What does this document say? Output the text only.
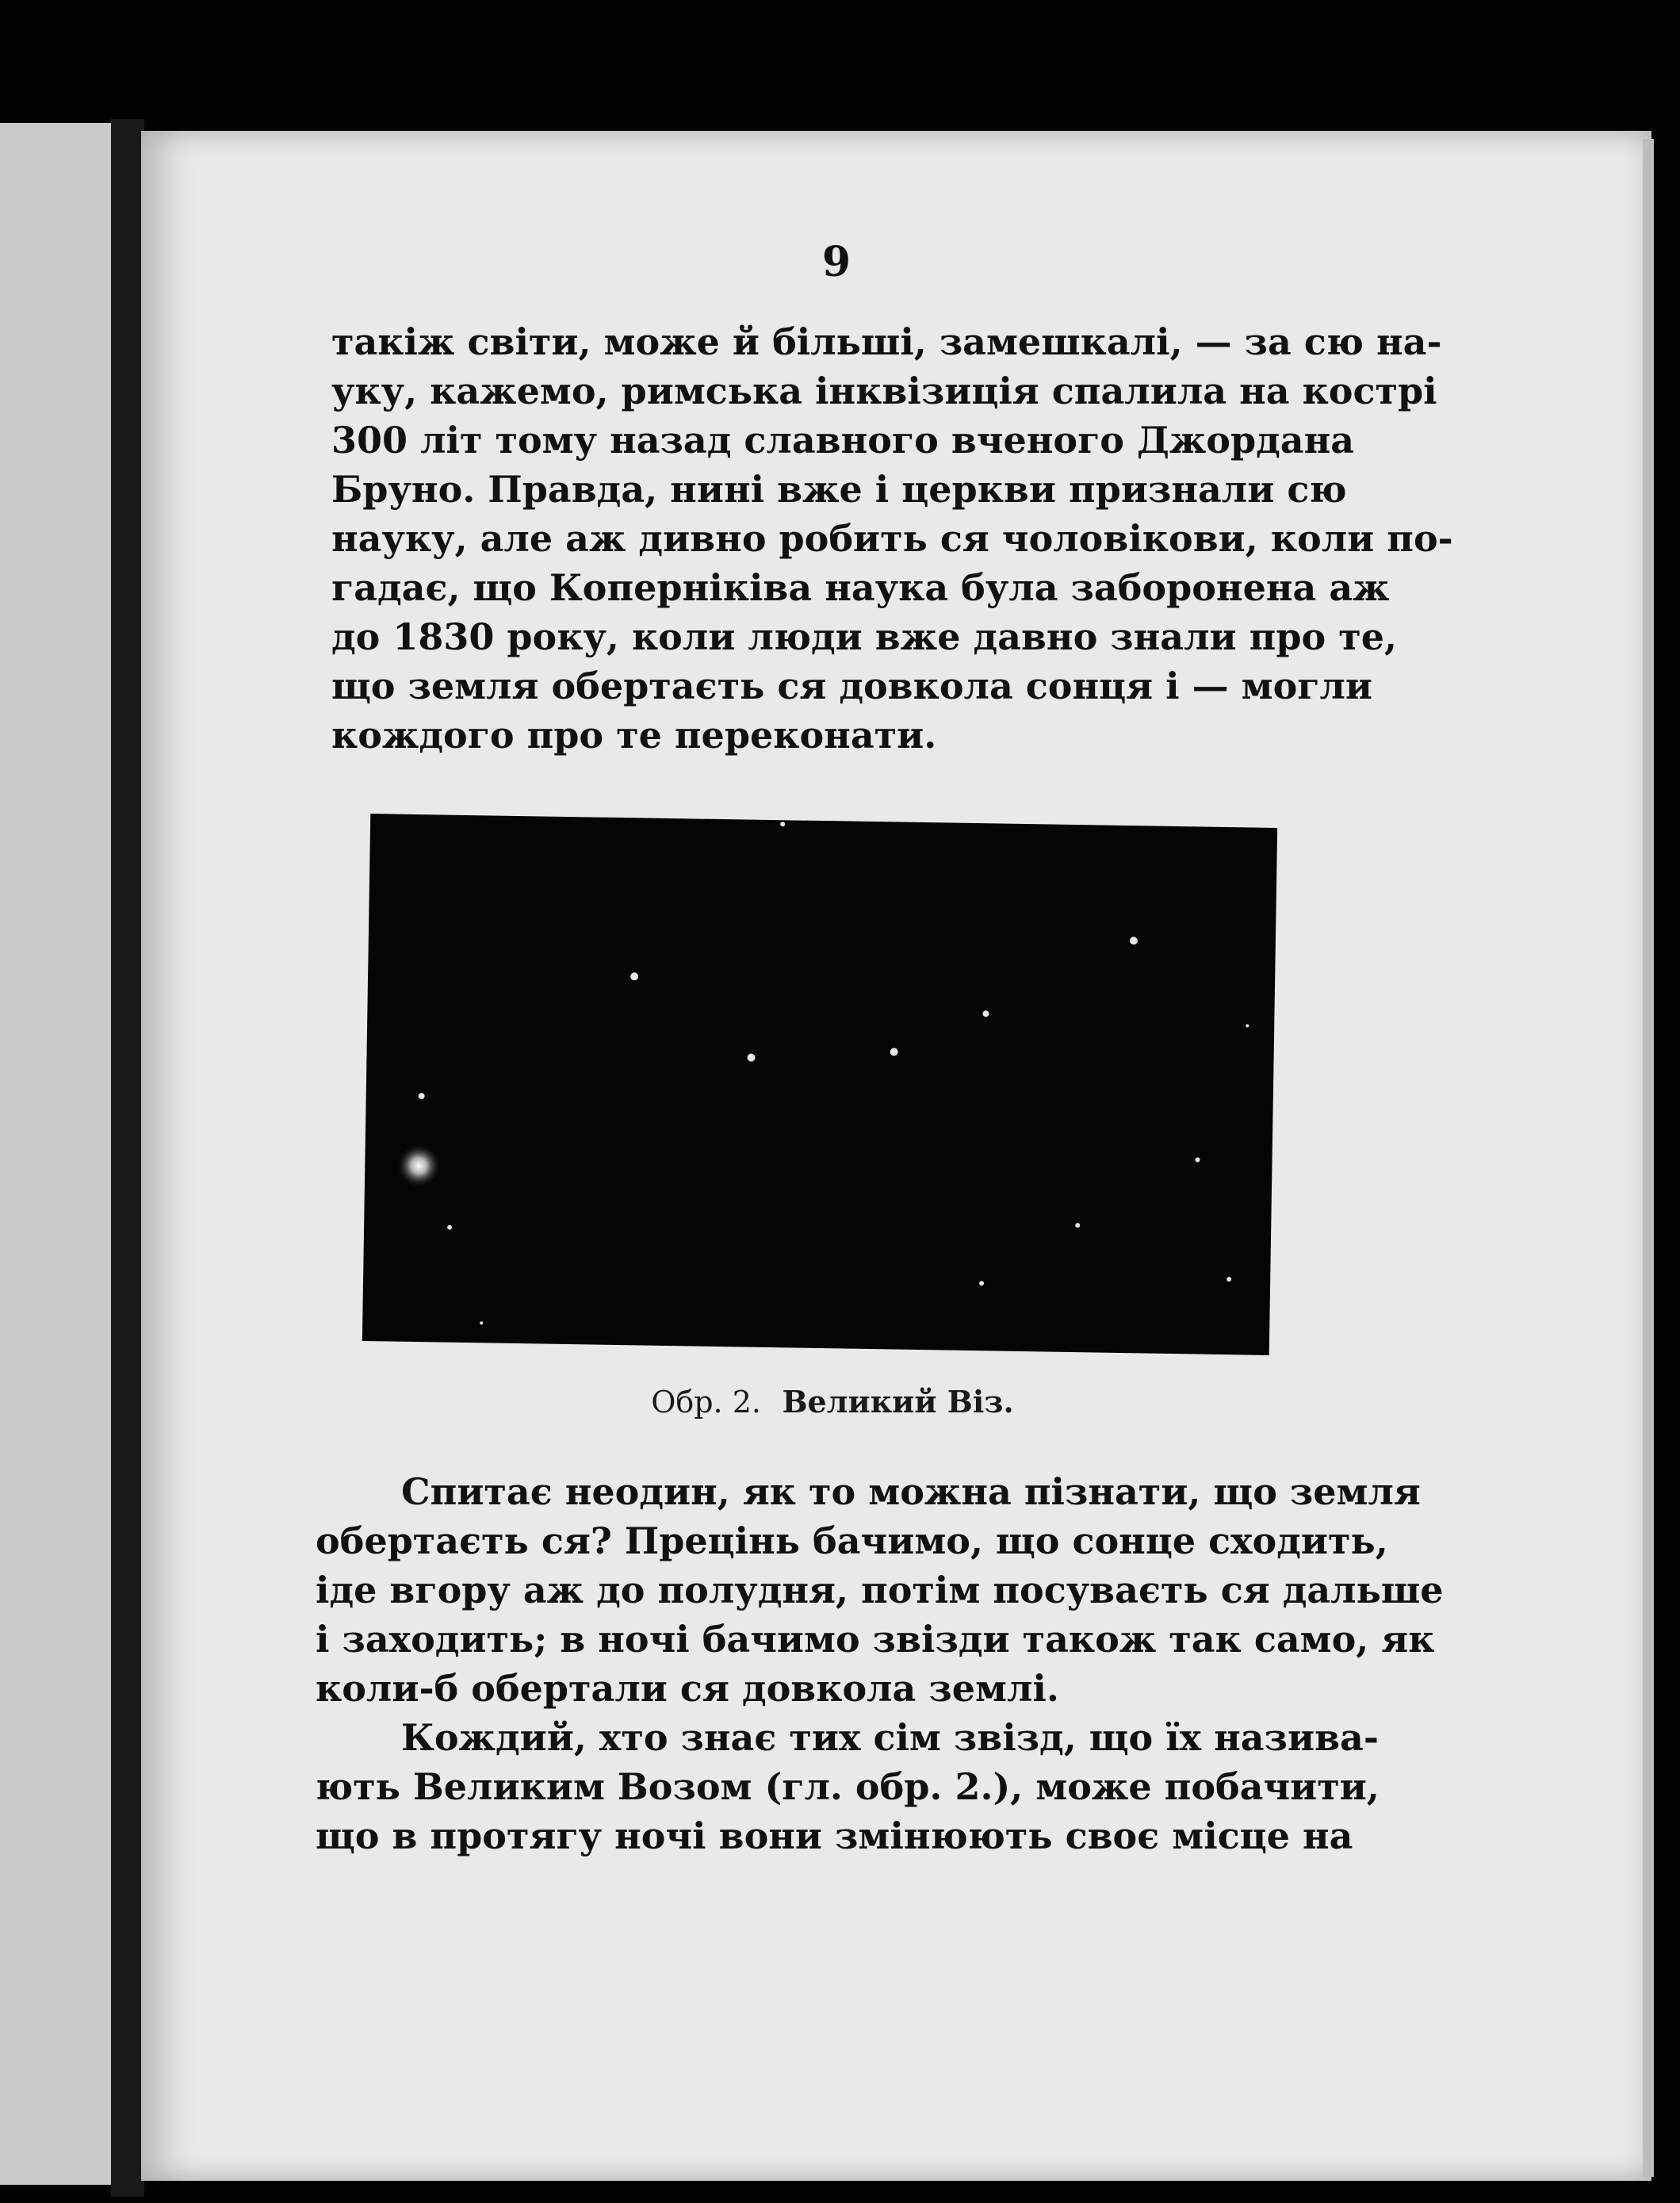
9
такіж світи, може й більші, замешкалі, — за сю на-
уку, кажемо, римська інквізиція спалила на кострі
300 літ тому назад славного вченого Джордана
Бруно. Правда, нині вже і церкви признали сю
науку, але аж дивно робить ся чоловікови, коли по-
гадає, що Коперніківа наука була заборонена аж
до 1830 року, коли люди вже давно знали про те,
що земля обертаєть ся довкола сонця і — могли
кождого про те переконати.
Обр. 2. Великий Віз.
Спитає неодин, як то можна пізнати, що земля
обертаєть ся? Прецінь бачимо, що сонце сходить,
іде вгору аж до полудня, потім посуваєть ся дальше
і заходить; в ночі бачимо звізди також так само, як
коли-б обертали ся довкола землі.
Кождий, хто знає тих сім звізд, що їх назива-
ють Великим Возом (гл. обр. 2.), може побачити,
що в протягу ночі вони змінюють своє місце на
